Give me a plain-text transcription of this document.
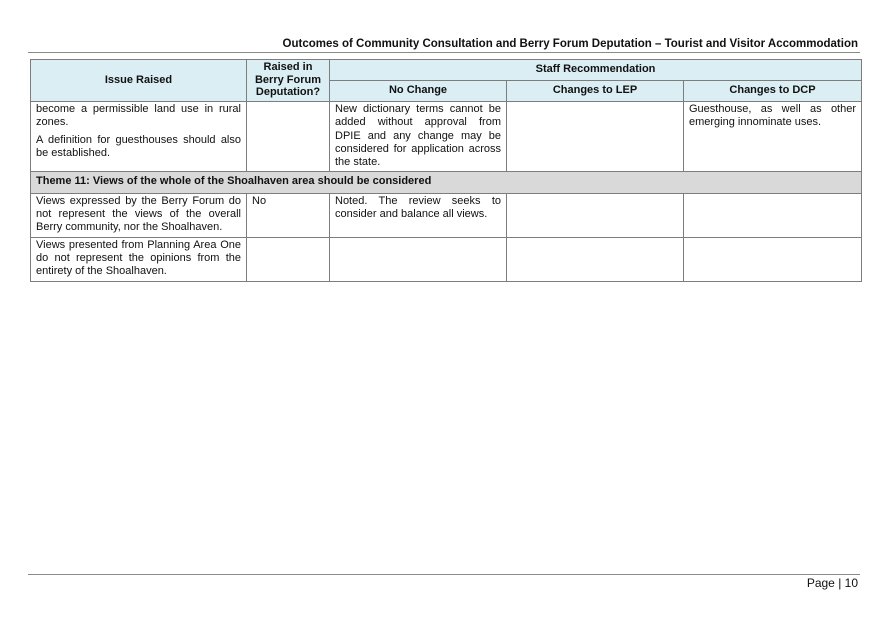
Outcomes of Community Consultation and Berry Forum Deputation – Tourist and Visitor Accommodation
Issue Raised	Raised in Berry Forum Deputation?	Staff Recommendation		
		No Change	Changes to LEP	Changes to DCP

become a permissible land use in rural zones.
A definition for guesthouses should also be established.		New dictionary terms cannot be added without approval from DPIE and any change may be considered for application across the state.		Guesthouse, as well as other emerging innominate uses.
Theme 11: Views of the whole of the Shoalhaven area should be considered				
Views expressed by the Berry Forum do not represent the views of the overall Berry community, nor the Shoalhaven.	No	Noted. The review seeks to consider and balance all views.		
Views presented from Planning Area One do not represent the opinions from the entirety of the Shoalhaven.				
Page | 10
